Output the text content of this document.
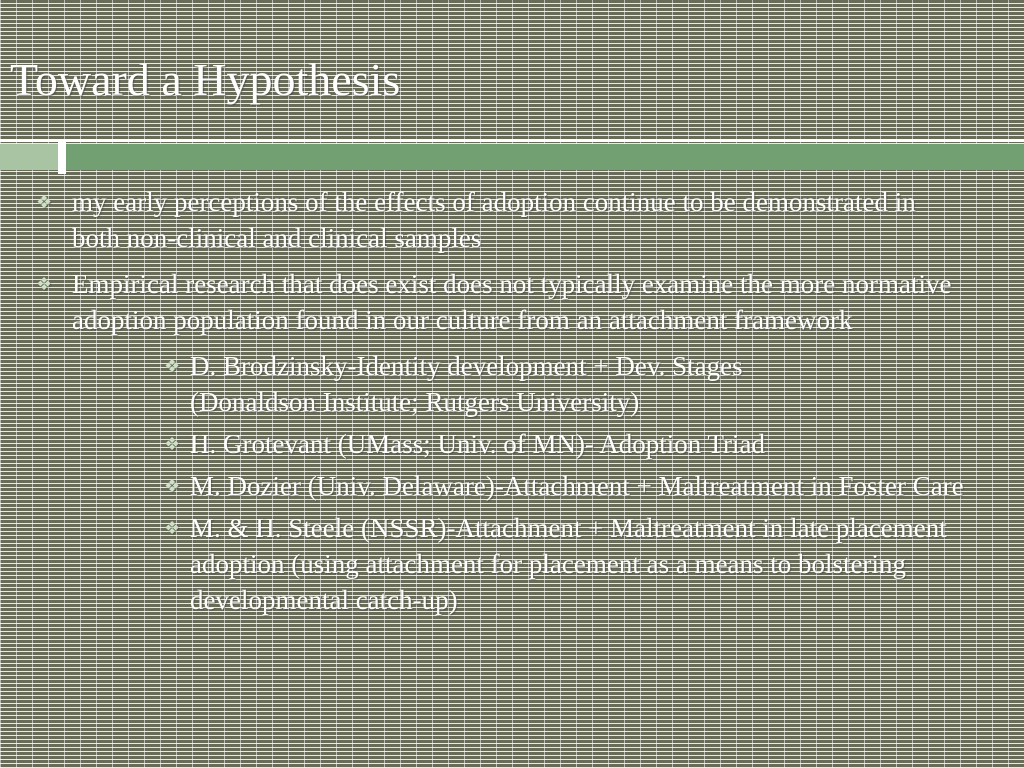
Toward a Hypothesis
❖ my early perceptions of the effects of adoption continue to be demonstrated in both non-clinical and clinical samples
❖ Empirical research that does exist does not typically examine the more normative adoption population found in our culture from an attachment framework
❖ D. Brodzinsky-Identity development + Dev. Stages
(Donaldson Institute; Rutgers University)
❖ H. Grotevant (UMass; Univ. of MN)- Adoption Triad
❖ M. Dozier (Univ. Delaware)-Attachment + Maltreatment in Foster Care
❖ M. & H. Steele (NSSR)-Attachment + Maltreatment in late placement adoption (using attachment for placement as a means to bolstering developmental catch-up)
